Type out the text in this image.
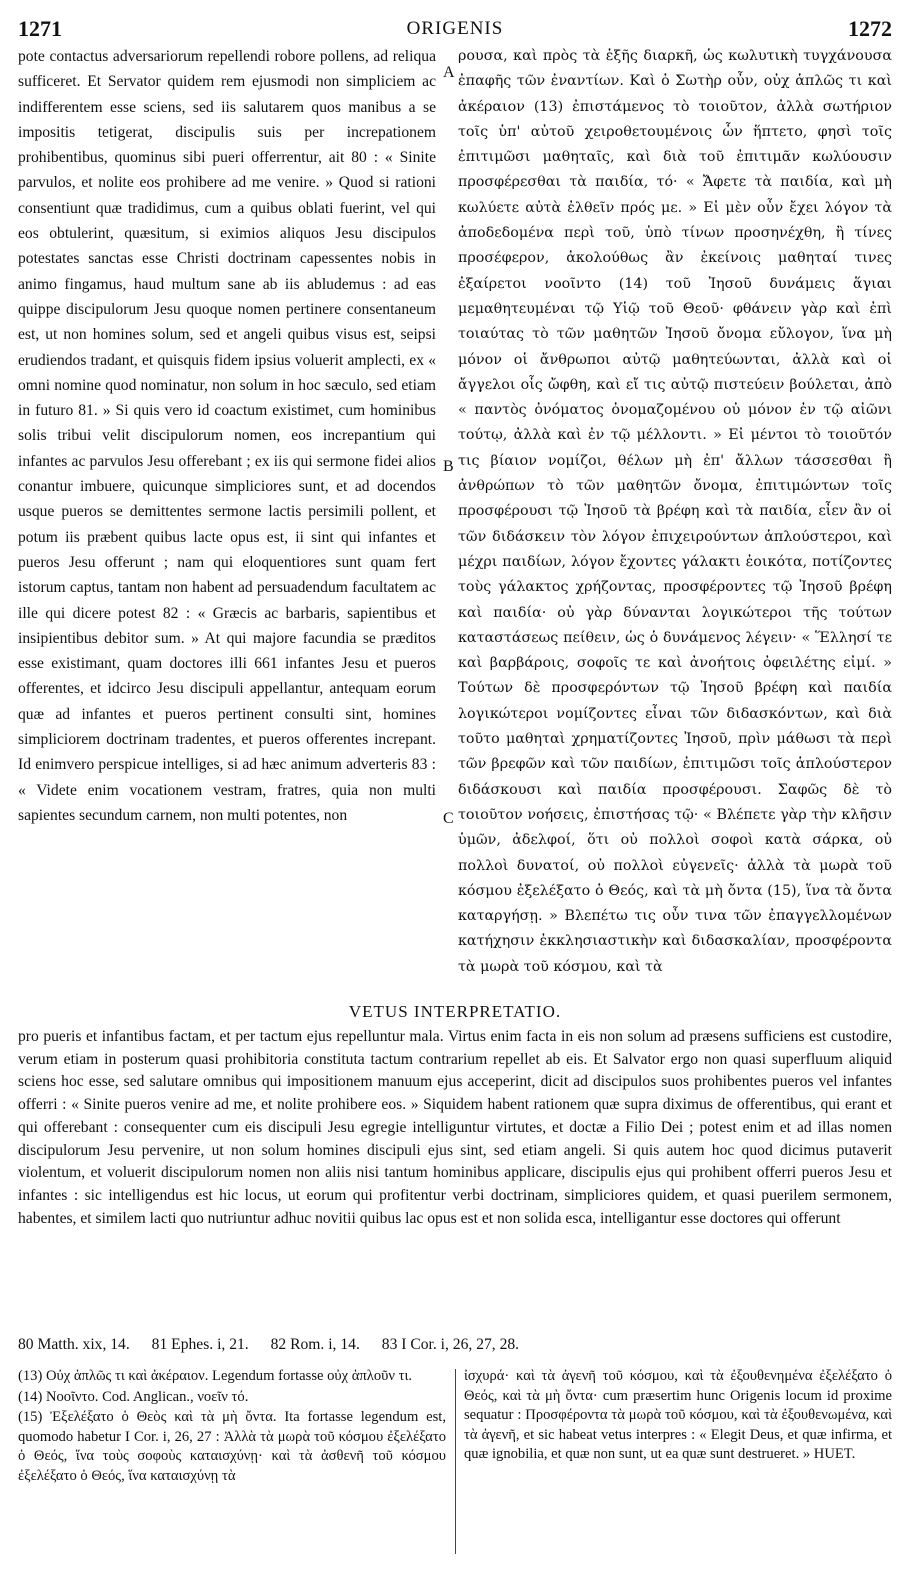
1271	ORIGENIS	1272

pote contactus adversariorum repellendi robore pollens, ad reliqua sufficeret. Et Servator quidem rem ejusmodi non simpliciem ac indifferentem esse sciens, sed iis salutarem quos manibus a se impositis tetigerat, discipulis suis per increpationem prohibentibus, quominus sibi pueri offerrentur, ait 80 : « Sinite parvulos, et nolite eos prohibere ad me venire. » Quod si rationi consentiunt quæ tradidimus, cum a quibus oblati fuerint, vel qui eos obtulerint, quæsitum, si eximios aliquos Jesu discipulos potestates sanctas esse Christi doctrinam capessentes nobis in animo fingamus, haud multum sane ab iis abludemus : ad eas quippe discipulorum Jesu quoque nomen pertinere consentaneum est, ut non homines solum, sed et angeli quibus visus est, seipsi erudiendos tradant, et quisquis fidem ipsius voluerit amplecti, ex « omni nomine quod nominatur, non solum in hoc sæculo, sed etiam in futuro 81. » Si quis vero id coactum existimet, cum hominibus solis tribui velit discipulorum nomen, eos increpantium qui infantes ac parvulos Jesu offerebant ; ex iis qui sermone fidei alios conantur imbuere, quicunque simpliciores sunt, et ad docendos usque pueros se demittentes sermone lactis persimili pollent, et potum iis præbent quibus lacte opus est, ii sint qui infantes et pueros Jesu offerunt ; nam qui eloquentiores sunt quam fert istorum captus, tantam non habent ad persuadendum facultatem ac ille qui dicere potest 82 : « Græcis ac barbaris, sapientibus et insipientibus debitor sum. » At qui majore facundia se præditos esse existimant, quam doctores illi 661 infantes Jesu et pueros offerentes, et idcirco Jesu discipuli appellantur, antequam eorum quæ ad infantes et pueros pertinent consulti sint, homines simpliciorem doctrinam tradentes, et pueros offerentes increpant. Id enimvero perspicue intelliges, si ad hæc animum adverteris 83 : « Videte enim vocationem vestram, fratres, quia non multi sapientes secundum carnem, non multi potentes, non

A
B
C

ρουσα, καὶ πρὸς τὰ ἑξῆς διαρκῆ, ὡς κωλυτικὴ τυγχάνουσα ἐπαφῆς τῶν ἐναντίων. Καὶ ὁ Σωτὴρ οὖν, οὐχ ἁπλῶς τι καὶ ἀκέραιον (13) ἐπιστάμενος τὸ τοιοῦτον, ἀλλὰ σωτήριον τοῖς ὑπ' αὐτοῦ χειροθετουμένοις ὧν ἥπτετο, φησὶ τοῖς ἐπιτιμῶσι μαθηταῖς, καὶ διὰ τοῦ ἐπιτιμᾶν κωλύουσιν προσφέρεσθαι τὰ παιδία, τό· « Ἄφετε τὰ παιδία, καὶ μὴ κωλύετε αὐτὰ ἐλθεῖν πρός με. » Εἰ μὲν οὖν ἔχει λόγον τὰ ἀποδεδομένα περὶ τοῦ, ὑπὸ τίνων προσηνέχθη, ἢ τίνες προσέφερον, ἀκολούθως ἂν ἐκείνοις μαθηταί τινες ἐξαίρετοι νοοῖντο (14) τοῦ Ἰησοῦ δυνάμεις ἅγιαι μεμαθητευμέναι τῷ Υἱῷ τοῦ Θεοῦ· φθάνειν γὰρ καὶ ἐπὶ τοιαύτας τὸ τῶν μαθητῶν Ἰησοῦ ὄνομα εὔλογον, ἵνα μὴ μόνον οἱ ἄνθρωποι αὐτῷ μαθητεύωνται, ἀλλὰ καὶ οἱ ἄγγελοι οἷς ὤφθη, καὶ εἴ τις αὐτῷ πιστεύειν βούλεται, ἀπὸ « παντὸς ὀνόματος ὀνομαζομένου οὐ μόνον ἐν τῷ αἰῶνι τούτῳ, ἀλλὰ καὶ ἐν τῷ μέλλοντι. » Εἰ μέντοι τὸ τοιοῦτόν τις βίαιον νομίζοι, θέλων μὴ ἐπ' ἄλλων τάσσεσθαι ἢ ἀνθρώπων τὸ τῶν μαθητῶν ὄνομα, ἐπιτιμώντων τοῖς προσφέρουσι τῷ Ἰησοῦ τὰ βρέφη καὶ τὰ παιδία, εἶεν ἂν οἱ τῶν διδάσκειν τὸν λόγον ἐπιχειρούντων ἁπλούστεροι, καὶ μέχρι παιδίων, λόγον ἔχοντες γάλακτι ἐοικότα, ποτίζοντες τοὺς γάλακτος χρήζοντας, προσφέροντες τῷ Ἰησοῦ βρέφη καὶ παιδία· οὐ γὰρ δύνανται λογικώτεροι τῆς τούτων καταστάσεως πείθειν, ὡς ὁ δυνάμενος λέγειν· « Ἕλλησί τε καὶ βαρβάροις, σοφοῖς τε καὶ ἀνοήτοις ὀφειλέτης εἰμί. » Τούτων δὲ προσφερόντων τῷ Ἰησοῦ βρέφη καὶ παιδία λογικώτεροι νομίζοντες εἶναι τῶν διδασκόντων, καὶ διὰ τοῦτο μαθηταὶ χρηματίζοντες Ἰησοῦ, πρὶν μάθωσι τὰ περὶ τῶν βρεφῶν καὶ τῶν παιδίων, ἐπιτιμῶσι τοῖς ἁπλούστερον διδάσκουσι καὶ παιδία προσφέρουσι. Σαφῶς δὲ τὸ τοιοῦτον νοήσεις, ἐπιστήσας τῷ· « Βλέπετε γὰρ τὴν κλῆσιν ὑμῶν, ἀδελφοί, ὅτι οὐ πολλοὶ σοφοὶ κατὰ σάρκα, οὐ πολλοὶ δυνατοί, οὐ πολλοὶ εὐγενεῖς· ἀλλὰ τὰ μωρὰ τοῦ κόσμου ἐξελέξατο ὁ Θεός, καὶ τὰ μὴ ὄντα (15), ἵνα τὰ ὄντα καταργήσῃ. » Βλεπέτω τις οὖν τινα τῶν ἐπαγγελλομένων κατήχησιν ἐκκλησιαστικὴν καὶ διδασκαλίαν, προσφέροντα τὰ μωρὰ τοῦ κόσμου, καὶ τὰ

VETUS INTERPRETATIO.

pro pueris et infantibus factam, et per tactum ejus repelluntur mala. Virtus enim facta in eis non solum ad præsens sufficiens est custodire, verum etiam in posterum quasi prohibitoria constituta tactum contrarium repellet ab eis. Et Salvator ergo non quasi superfluum aliquid sciens hoc esse, sed salutare omnibus qui impositionem manuum ejus acceperint, dicit ad discipulos suos prohibentes pueros vel infantes offerri : « Sinite pueros venire ad me, et nolite prohibere eos. » Siquidem habent rationem quæ supra diximus de offerentibus, qui erant et qui offerebant : consequenter cum eis discipuli Jesu egregie intelliguntur virtutes, et doctæ a Filio Dei ; potest enim et ad illas nomen discipulorum Jesu pervenire, ut non solum homines discipuli ejus sint, sed etiam angeli. Si quis autem hoc quod dicimus putaverit violentum, et voluerit discipulorum nomen non aliis nisi tantum hominibus applicare, discipulis ejus qui prohibent offerri pueros Jesu et infantes : sic intelligendus est hic locus, ut eorum qui profitentur verbi doctrinam, simpliciores quidem, et quasi puerilem sermonem, habentes, et similem lacti quo nutriuntur adhuc novitii quibus lac opus est et non solida esca, intelligantur esse doctores qui offerunt

80 Matth. xix, 14. 81 Ephes. i, 21. 82 Rom. i, 14. 83 I Cor. i, 26, 27, 28.

(13) Οὐχ ἁπλῶς τι καὶ ἀκέραιον. Legendum fortasse οὐχ ἁπλοῦν τι.

(14) Νοοῖντο. Cod. Anglican., νοεῖν τό.

(15) Ἐξελέξατο ὁ Θεὸς καὶ τὰ μὴ ὄντα. Ita fortasse legendum est, quomodo habetur I Cor. i, 26, 27 : Ἀλλὰ τὰ μωρὰ τοῦ κόσμου ἐξελέξατο ὁ Θεός, ἵνα τοὺς σοφοὺς καταισχύνῃ· καὶ τὰ ἀσθενῆ τοῦ κόσμου ἐξελέξατο ὁ Θεός, ἵνα καταισχύνῃ τὰ

ἰσχυρά· καὶ τὰ ἀγενῆ τοῦ κόσμου, καὶ τὰ ἐξουθενημένα ἐξελέξατο ὁ Θεός, καὶ τὰ μὴ ὄντα· cum præsertim hunc Origenis locum id proxime sequatur : Προσφέροντα τὰ μωρὰ τοῦ κόσμου, καὶ τὰ ἐξουθενωμένα, καὶ τὰ ἀγενῆ, et sic habeat vetus interpres : « Elegit Deus, et quæ infirma, et quæ ignobilia, et quæ non sunt, ut ea quæ sunt destrueret. » HUET.
